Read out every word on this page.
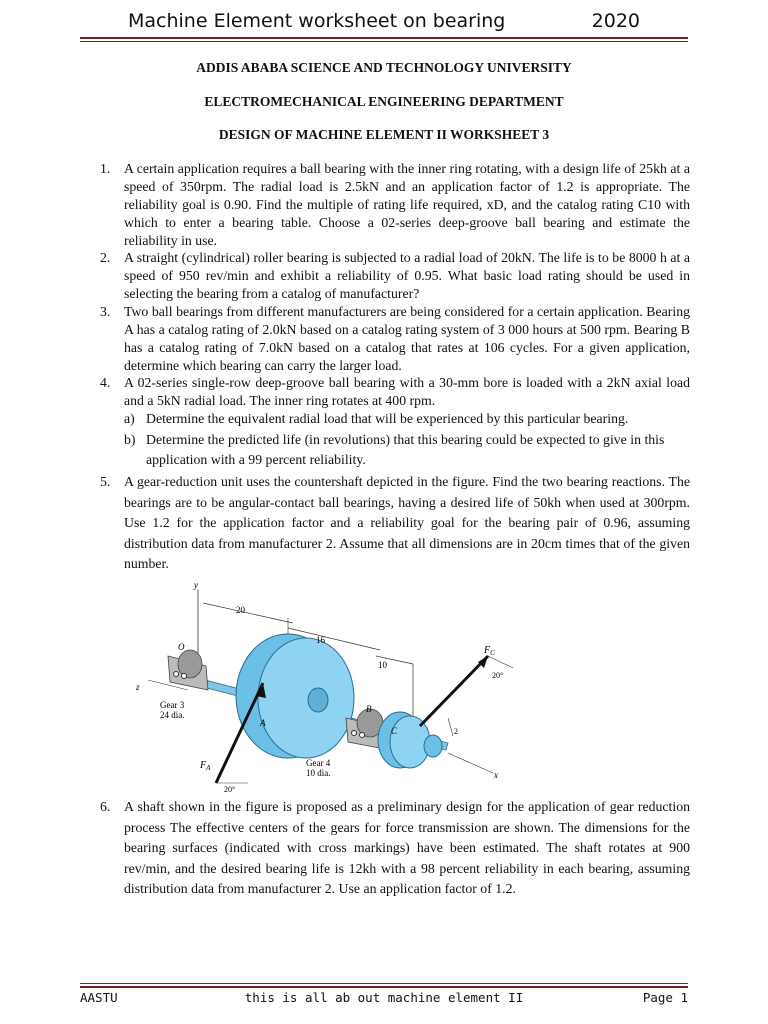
Machine Element worksheet on bearing	2020
ADDIS ABABA SCIENCE AND TECHNOLOGY UNIVERSITY
ELECTROMECHANICAL ENGINEERING DEPARTMENT
DESIGN OF MACHINE ELEMENT II WORKSHEET 3
1. A certain application requires a ball bearing with the inner ring rotating, with a design life of 25kh at a speed of 350rpm. The radial load is 2.5kN and an application factor of 1.2 is appropriate. The reliability goal is 0.90. Find the multiple of rating life required, xD, and the catalog rating C10 with which to enter a bearing table. Choose a 02-series deep-groove ball bearing and estimate the reliability in use.
2. A straight (cylindrical) roller bearing is subjected to a radial load of 20kN. The life is to be 8000 h at a speed of 950 rev/min and exhibit a reliability of 0.95. What basic load rating should be used in selecting the bearing from a catalog of manufacturer?
3. Two ball bearings from different manufacturers are being considered for a certain application. Bearing A has a catalog rating of 2.0kN based on a catalog rating system of 3 000 hours at 500 rpm. Bearing B has a catalog rating of 7.0kN based on a catalog that rates at 106 cycles. For a given application, determine which bearing can carry the larger load.
4. A 02-series single-row deep-groove ball bearing with a 30-mm bore is loaded with a 2kN axial load and a 5kN radial load. The inner ring rotates at 400 rpm.
a) Determine the equivalent radial load that will be experienced by this particular bearing.
b) Determine the predicted life (in revolutions) that this bearing could be expected to give in this application with a 99 percent reliability.
5. A gear-reduction unit uses the countershaft depicted in the figure. Find the two bearing reactions. The bearings are to be angular-contact ball bearings, having a desired life of 50kh when used at 300rpm. Use 1.2 for the application factor and a reliability goal for the bearing pair of 0.96, assuming distribution data from manufacturer 2. Assume that all dimensions are in 20cm times that of the given number.
y
20
16
10
O
z
Gear 3
24 dia.
A
B
C
$F_C$
20°
2
Gear 4
10 dia.
$F_A$
20°
x
6. A shaft shown in the figure is proposed as a preliminary design for the application of gear reduction process The effective centers of the gears for force transmission are shown. The dimensions for the bearing surfaces (indicated with cross markings) have been estimated. The shaft rotates at 900 rev/min, and the desired bearing life is 12kh with a 98 percent reliability in each bearing, assuming distribution data from manufacturer 2. Use an application factor of 1.2.
AASTU	this is all ab out machine element II	Page 1
